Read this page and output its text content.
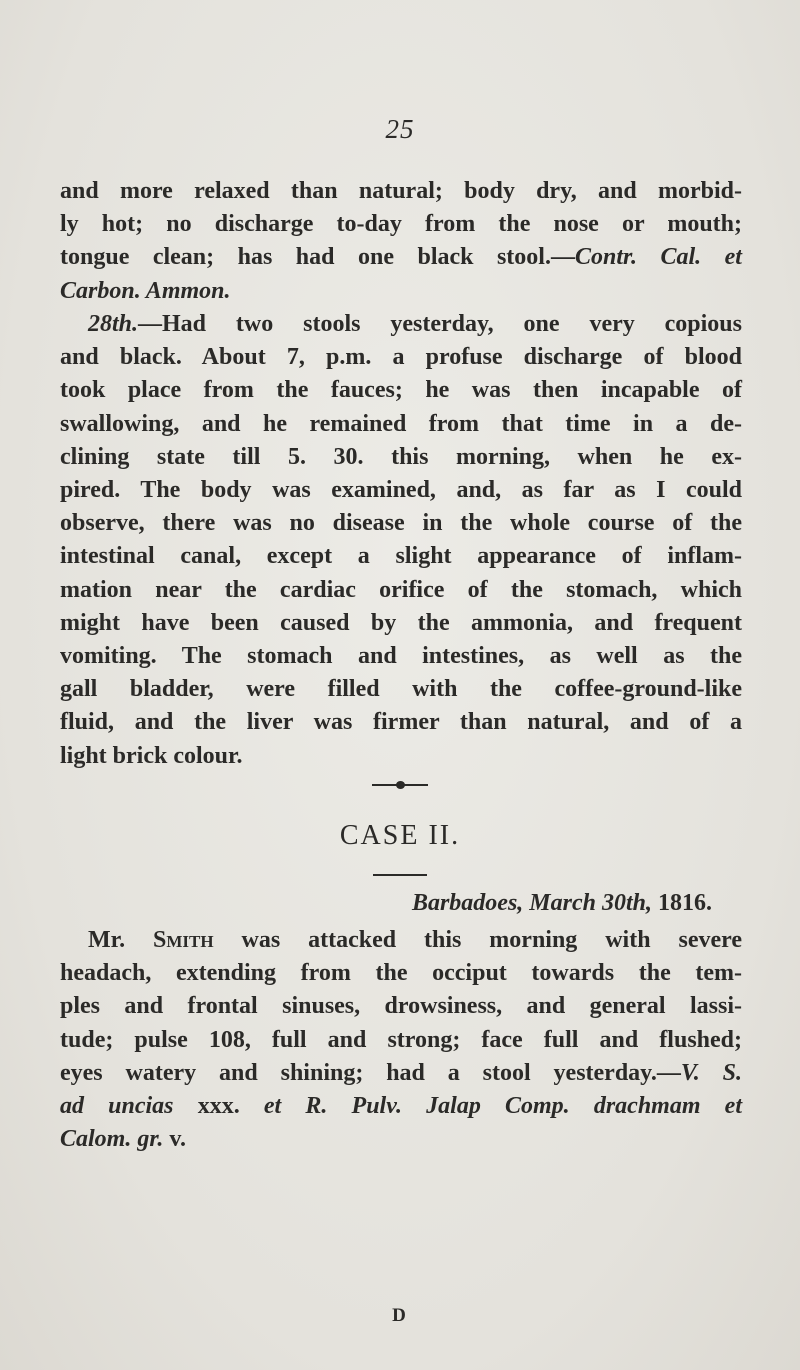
25

and more relaxed than natural; body dry, and morbid-
ly hot; no discharge to-day from the nose or mouth;
tongue clean; has had one black stool.—Contr. Cal. et
Carbon. Ammon.

28th.—Had two stools yesterday, one very copious
and black. About 7, p.m. a profuse discharge of blood
took place from the fauces; he was then incapable of
swallowing, and he remained from that time in a de-
clining state till 5. 30. this morning, when he ex-
pired. The body was examined, and, as far as I could
observe, there was no disease in the whole course of the
intestinal canal, except a slight appearance of inflam-
mation near the cardiac orifice of the stomach, which
might have been caused by the ammonia, and frequent
vomiting. The stomach and intestines, as well as the
gall bladder, were filled with the coffee-ground-like
fluid, and the liver was firmer than natural, and of a
light brick colour.

CASE II.
Barbadoes, March 30th, 1816.

Mr. Smith was attacked this morning with severe
headach, extending from the occiput towards the tem-
ples and frontal sinuses, drowsiness, and general lassi-
tude; pulse 108, full and strong; face full and flushed;
eyes watery and shining; had a stool yesterday.—V. S.
ad uncias xxx. et R. Pulv. Jalap Comp. drachmam et
Calom. gr. v.

D
